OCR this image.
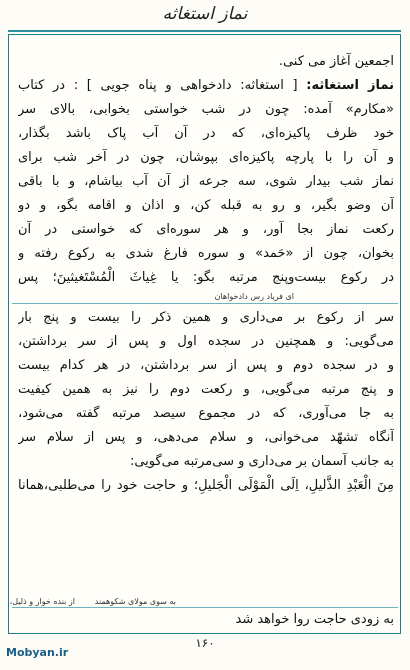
نماز استغاثه
اجمعین آغاز می کنی.
نماز استغاثه: [ استغاثه: دادخواهی و پناه جویی ] : در کتاب
«مکارم» آمده: چون در شب خواستی بخوابی، بالای سر
خود ظرف پاکیزه‌ای، که در آن آب پاک باشد بگذار،
و آن را با پارچه پاکیزه‌ای بپوشان، چون در آخر شب برای
نماز شب بیدار شوی، سه جرعه از آن آب بیاشام، و با باقی
آن وضو بگیر، و رو به قبله کن، و اذان و اقامه بگو، و دو
رکعت نماز بجا آور، و هر سوره‌ای که خواستی در آن
بخوان، چون از «حَمد» و سوره فارغ شدی به رکوع رفته و
در رکوع بیست‌وپنج مرتبه بگو: یا غِیاثَ الْمُسْتَغیثینَ؛ پس
ای فریاد رس دادخواهان
سر از رکوع بر می‌داری و همین ذکر را بیست و پنج بار
می‌گویی: و همچنین در سجده اول و پس از سر برداشتن،
و در سجده دوم و پس از سر برداشتن، در هر کدام بیست
و پنج مرتبه می‌گویی، و رکعت دوم را نیز به همین کیفیت
به جا می‌آوری، که در مجموع سیصد مرتبه گفته می‌شود،
آنگاه تشهّد می‌خوانی، و سلام می‌دهی، و پس از سلام سر
به جانب آسمان بر می‌داری و سی‌مرتبه می‌گویی:
مِنَ الْعَبْدِ الذَّلیلِ، اِلَی الْمَوْلَی الْجَلیلِ؛ و حاجت خود را می‌طلبی،همانا
از بنده خوار و ذلیل، به سوی مولای شکوهمند
به زودی حاجت روا خواهد شد
۱۶۰
Mobyan.ir
